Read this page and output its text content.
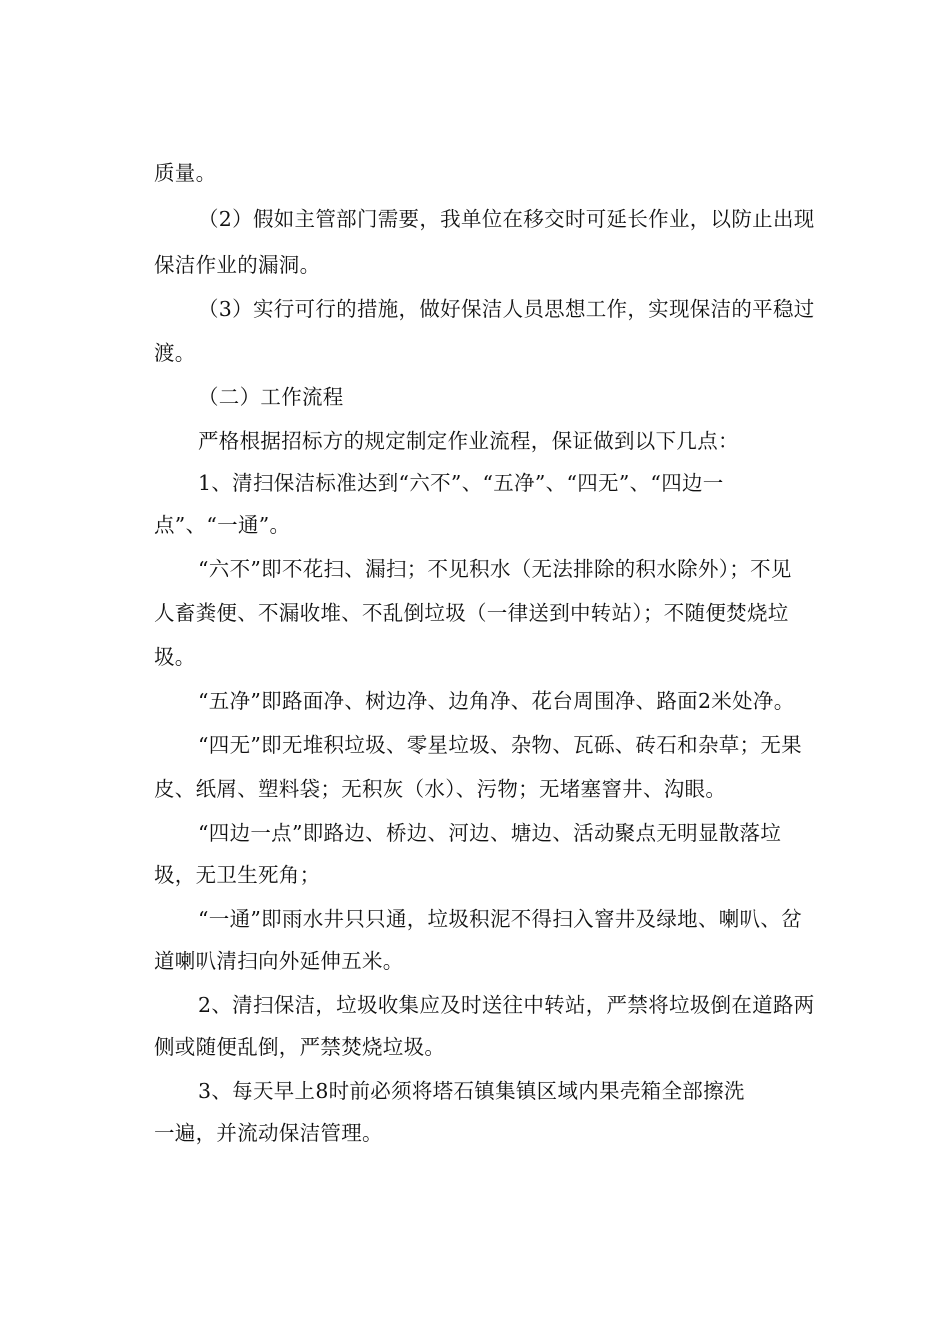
质量。
（2）假如主管部门需要，我单位在移交时可延长作业，以防止出现
保洁作业的漏洞。
（3）实行可行的措施，做好保洁人员思想工作，实现保洁的平稳过
渡。
（二）工作流程
严格根据招标方的规定制定作业流程，保证做到以下几点：
1、清扫保洁标准达到“六不”、“五净”、“四无”、“四边一
点”、“一通”。
“六不”即不花扫、漏扫；不见积水（无法排除的积水除外）；不见
人畜粪便、不漏收堆、不乱倒垃圾（一律送到中转站）；不随便焚烧垃
圾。
“五净”即路面净、树边净、边角净、花台周围净、路面2米处净。
“四无”即无堆积垃圾、零星垃圾、杂物、瓦砾、砖石和杂草；无果
皮、纸屑、塑料袋；无积灰（水）、污物；无堵塞窨井、沟眼。
“四边一点”即路边、桥边、河边、塘边、活动聚点无明显散落垃
圾，无卫生死角；
“一通”即雨水井只只通，垃圾积泥不得扫入窨井及绿地、喇叭、岔
道喇叭清扫向外延伸五米。
2、清扫保洁，垃圾收集应及时送往中转站，严禁将垃圾倒在道路两
侧或随便乱倒，严禁焚烧垃圾。
3、每天早上8时前必须将塔石镇集镇区域内果壳箱全部擦洗
一遍，并流动保洁管理。
